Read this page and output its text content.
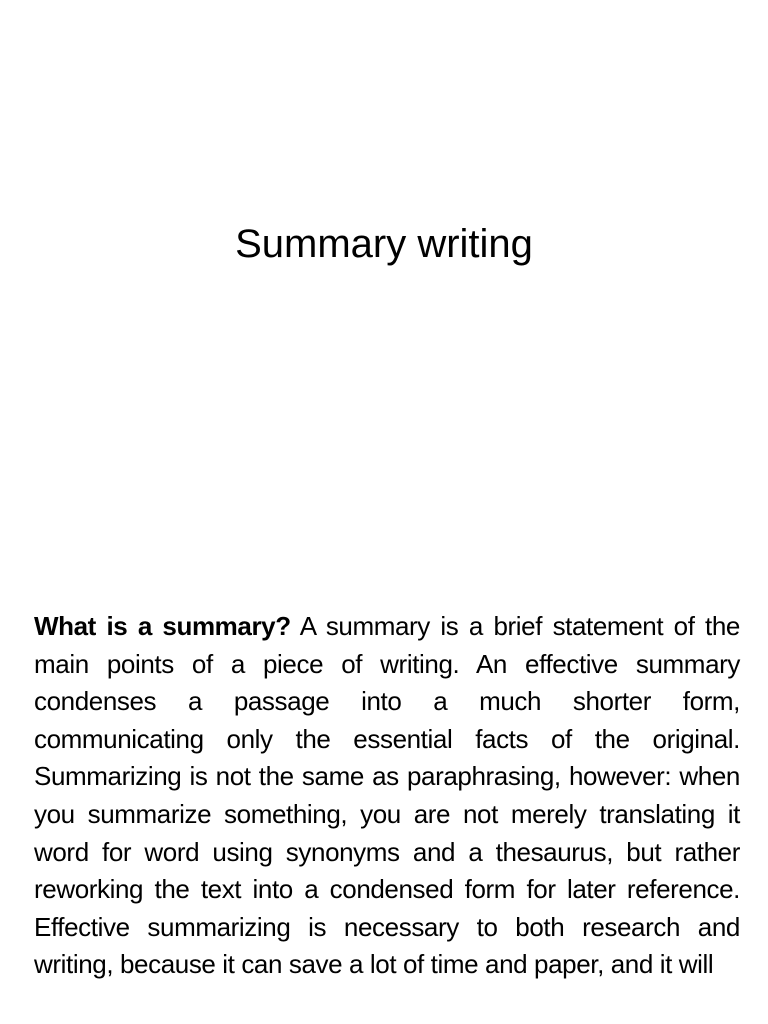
Summary writing

What is a summary? A summary is a brief statement of the main points of a piece of writing. An effective summary condenses a passage into a much shorter form, communicating only the essential facts of the original. Summarizing is not the same as paraphrasing, however: when you summarize something, you are not merely translating it word for word using synonyms and a thesaurus, but rather reworking the text into a condensed form for later reference. Effective summarizing is necessary to both research and writing, because it can save a lot of time and paper, and it will
